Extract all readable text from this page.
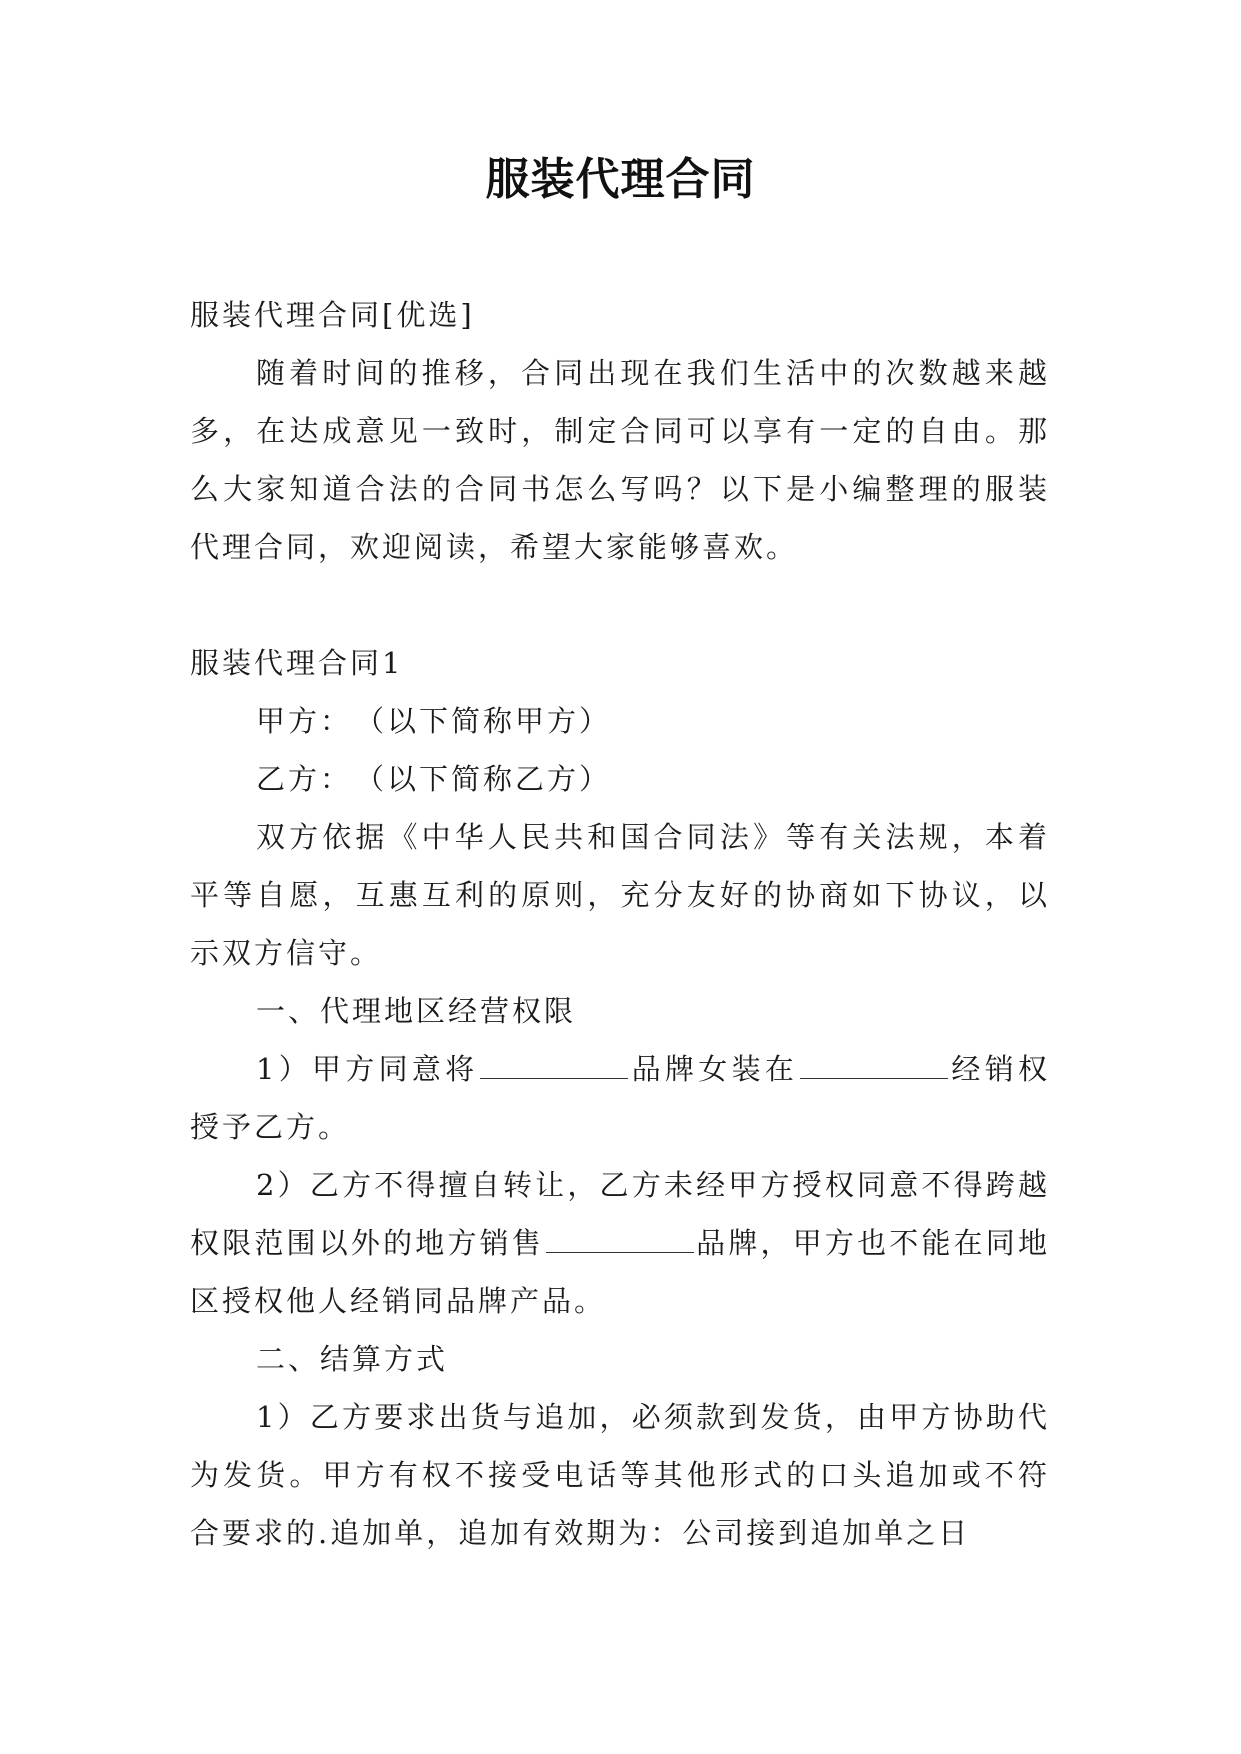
服装代理合同

服装代理合同[优选]

随着时间的推移，合同出现在我们生活中的次数越来越多，在达成意见一致时，制定合同可以享有一定的自由。那么大家知道合法的合同书怎么写吗？以下是小编整理的服装代理合同，欢迎阅读，希望大家能够喜欢。

服装代理合同1

甲方：　（以下简称甲方）

乙方：　（以下简称乙方）

双方依据《中华人民共和国合同法》等有关法规，本着平等自愿，互惠互利的原则，充分友好的协商如下协议，以示双方信守。

一、代理地区经营权限

1）甲方同意将	品牌女装在	经销权授予乙方。

2）乙方不得擅自转让，乙方未经甲方授权同意不得跨越权限范围以外的地方销售	品牌，甲方也不能在同地区授权他人经销同品牌产品。

二、结算方式

1）乙方要求出货与追加，必须款到发货，由甲方协助代为发货。甲方有权不接受电话等其他形式的口头追加或不符合要求的.追加单，追加有效期为：公司接到追加单之日
